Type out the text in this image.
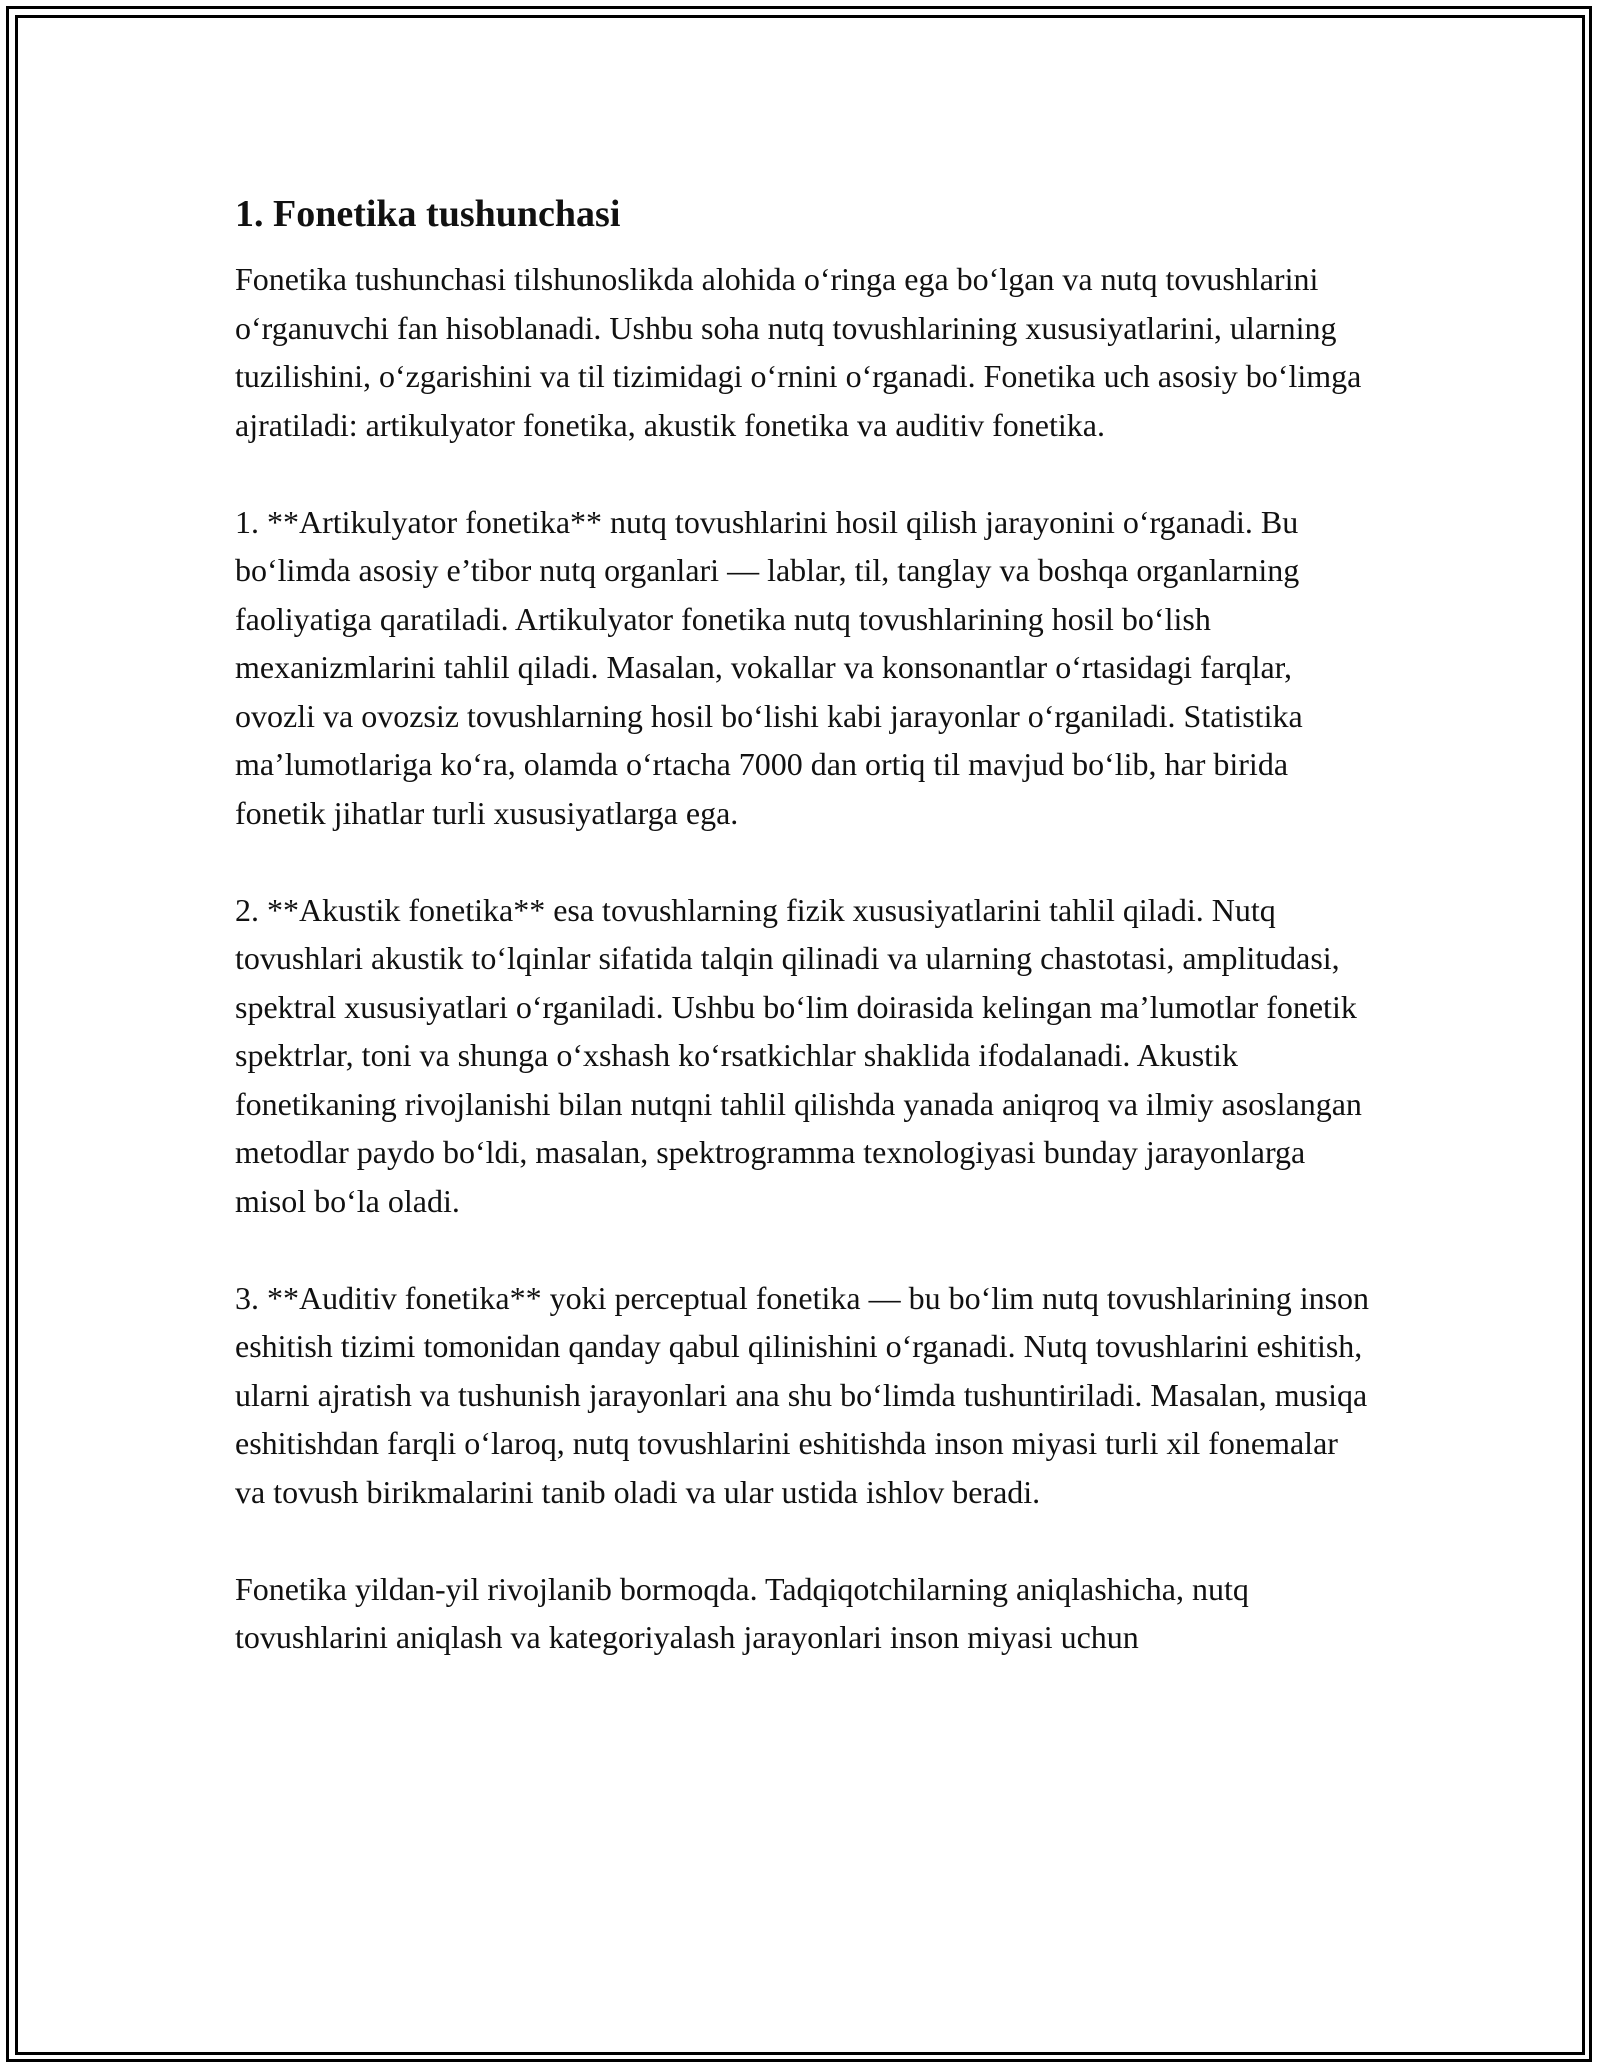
1. Fonetika tushunchasi

Fonetika tushunchasi tilshunoslikda alohida o‘ringa ega bo‘lgan va nutq tovushlarini o‘rganuvchi fan hisoblanadi. Ushbu soha nutq tovushlarining xususiyatlarini, ularning tuzilishini, o‘zgarishini va til tizimidagi o‘rnini o‘rganadi. Fonetika uch asosiy bo‘limga ajratiladi: artikulyator fonetika, akustik fonetika va auditiv fonetika.

1. **Artikulyator fonetika** nutq tovushlarini hosil qilish jarayonini o‘rganadi. Bu bo‘limda asosiy e’tibor nutq organlari — lablar, til, tanglay va boshqa organlarning faoliyatiga qaratiladi. Artikulyator fonetika nutq tovushlarining hosil bo‘lish mexanizmlarini tahlil qiladi. Masalan, vokallar va konsonantlar o‘rtasidagi farqlar, ovozli va ovozsiz tovushlarning hosil bo‘lishi kabi jarayonlar o‘rganiladi. Statistika ma’lumotlariga ko‘ra, olamda o‘rtacha 7000 dan ortiq til mavjud bo‘lib, har birida fonetik jihatlar turli xususiyatlarga ega.

2. **Akustik fonetika** esa tovushlarning fizik xususiyatlarini tahlil qiladi. Nutq tovushlari akustik to‘lqinlar sifatida talqin qilinadi va ularning chastotasi, amplitudasi, spektral xususiyatlari o‘rganiladi. Ushbu bo‘lim doirasida kelingan ma’lumotlar fonetik spektrlar, toni va shunga o‘xshash ko‘rsatkichlar shaklida ifodalanadi. Akustik fonetikaning rivojlanishi bilan nutqni tahlil qilishda yanada aniqroq va ilmiy asoslangan metodlar paydo bo‘ldi, masalan, spektrogramma texnologiyasi bunday jarayonlarga misol bo‘la oladi.

3. **Auditiv fonetika** yoki perceptual fonetika — bu bo‘lim nutq tovushlarining inson eshitish tizimi tomonidan qanday qabul qilinishini o‘rganadi. Nutq tovushlarini eshitish, ularni ajratish va tushunish jarayonlari ana shu bo‘limda tushuntiriladi. Masalan, musiqa eshitishdan farqli o‘laroq, nutq tovushlarini eshitishda inson miyasi turli xil fonemalar va tovush birikmalarini tanib oladi va ular ustida ishlov beradi.

Fonetika yildan-yil rivojlanib bormoqda. Tadqiqotchilarning aniqlashicha, nutq tovushlarini aniqlash va kategoriyalash jarayonlari inson miyasi uchun
